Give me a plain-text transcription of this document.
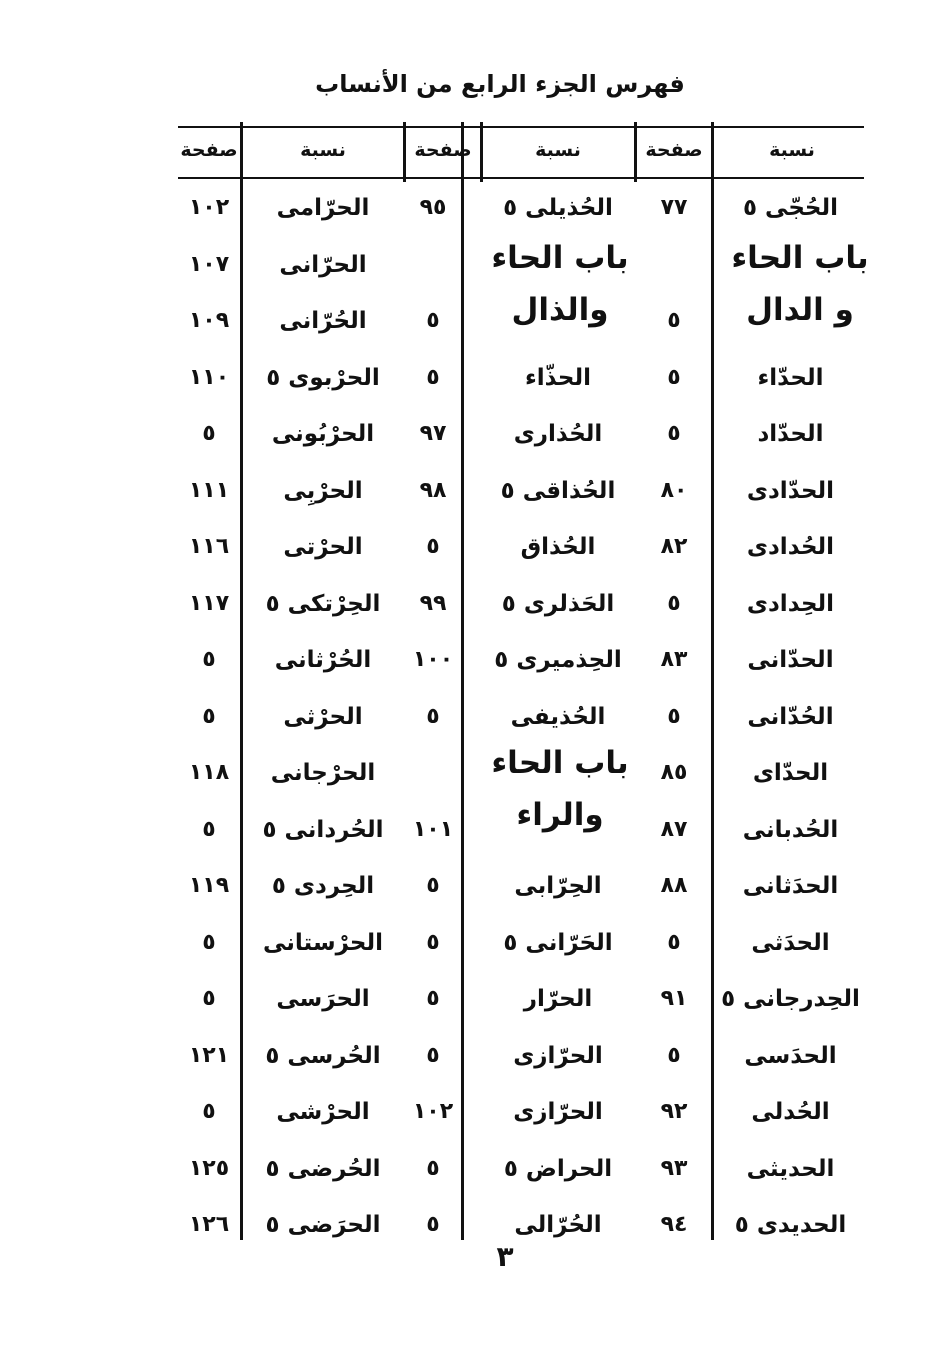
فهرس الجزء الرابع من الأنساب
نسبة
صفحة
نسبة
صفحة
نسبة
صفحة
الحُجّى ٥
٧٧
٥
الحدّاء
٥
الحدّاد
٥
الحدّادى
٨٠
الحُدادى
٨٢
الحِدادى
٥
الحدّانى
٨٣
الحُدّانى
٥
الحدّاى
٨٥
الحُدبانى
٨٧
الحدَثانى
٨٨
الحدَثى
٥
الحِدرجانى ٥
٩١
الحدَسى
٥
الحُدلى
٩٢
الحديثى
٩٣
الحديدى ٥
٩٤
الحُذيلى ٥
٩٥
٥
الحذّاء
٥
الحُذارى
٩٧
الحُذاقى ٥
٩٨
الحُذاق
٥
الحَذلرى ٥
٩٩
الحِذميرى ٥
١٠٠
الحُذيفى
٥
١٠١
الحِرّابى
٥
الحَرّانى ٥
٥
الحرّار
٥
الحرّازى
٥
الحرّازى
١٠٢
الحراض ٥
٥
الحُرّالى
٥
الحرّامى
١٠٢
الحرّانى
١٠٧
الحُرّانى
١٠٩
الحرْبوى ٥
١١٠
الحرْبُونى
٥
الحرْبِى
١١١
الحرْتى
١١٦
الحِرْتكى ٥
١١٧
الحُرْثانى
٥
الحرْثى
٥
الحرْجانى
١١٨
الحُردانى ٥
٥
الحِردى ٥
١١٩
الحرْستانى
٥
الحرَسى
٥
الحُرسى ٥
١٢١
الحرْشى
٥
الحُرضى ٥
١٢٥
الحرَضى ٥
١٢٦
باب الحاء
و الدال
باب الحاء
والذال
باب الحاء
والراء
٣
